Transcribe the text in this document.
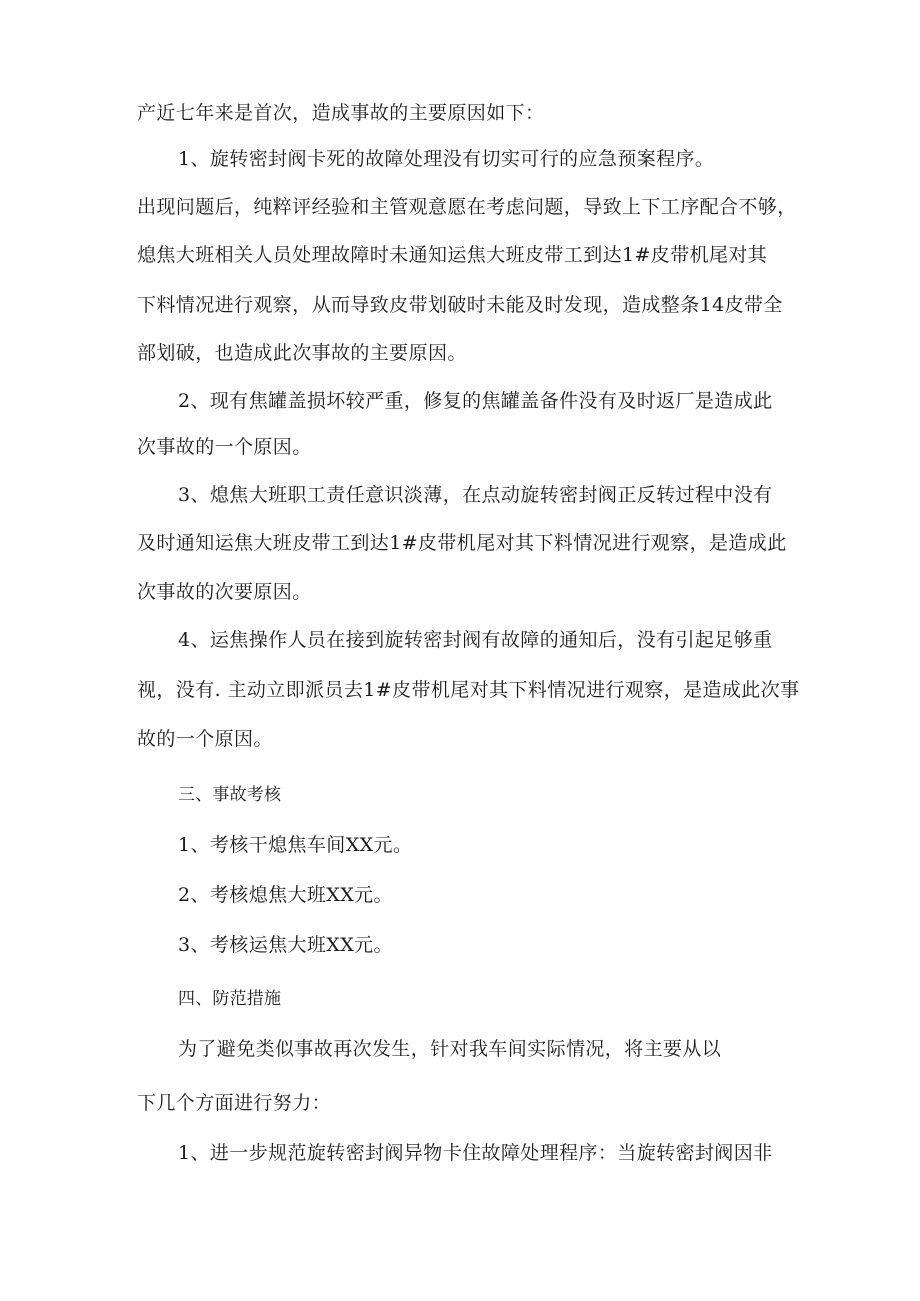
产近七年来是首次，造成事故的主要原因如下：
1、旋转密封阀卡死的故障处理没有切实可行的应急预案程序。
出现问题后，纯粹评经验和主管观意愿在考虑问题，导致上下工序配合不够，
熄焦大班相关人员处理故障时未通知运焦大班皮带工到达1#皮带机尾对其
下料情况进行观察，从而导致皮带划破时未能及时发现，造成整条14皮带全
部划破，也造成此次事故的主要原因。
2、现有焦罐盖损坏较严重，修复的焦罐盖备件没有及时返厂是造成此
次事故的一个原因。
3、熄焦大班职工责任意识淡薄，在点动旋转密封阀正反转过程中没有
及时通知运焦大班皮带工到达1#皮带机尾对其下料情况进行观察，是造成此
次事故的次要原因。
4、运焦操作人员在接到旋转密封阀有故障的通知后，没有引起足够重
视，没有. 主动立即派员去1#皮带机尾对其下料情况进行观察，是造成此次事
故的一个原因。
三、事故考核
1、考核干熄焦车间XX元。
2、考核熄焦大班XX元。
3、考核运焦大班XX元。
四、防范措施
为了避免类似事故再次发生，针对我车间实际情况，将主要从以
下几个方面进行努力：
1、进一步规范旋转密封阀异物卡住故障处理程序：当旋转密封阀因非
